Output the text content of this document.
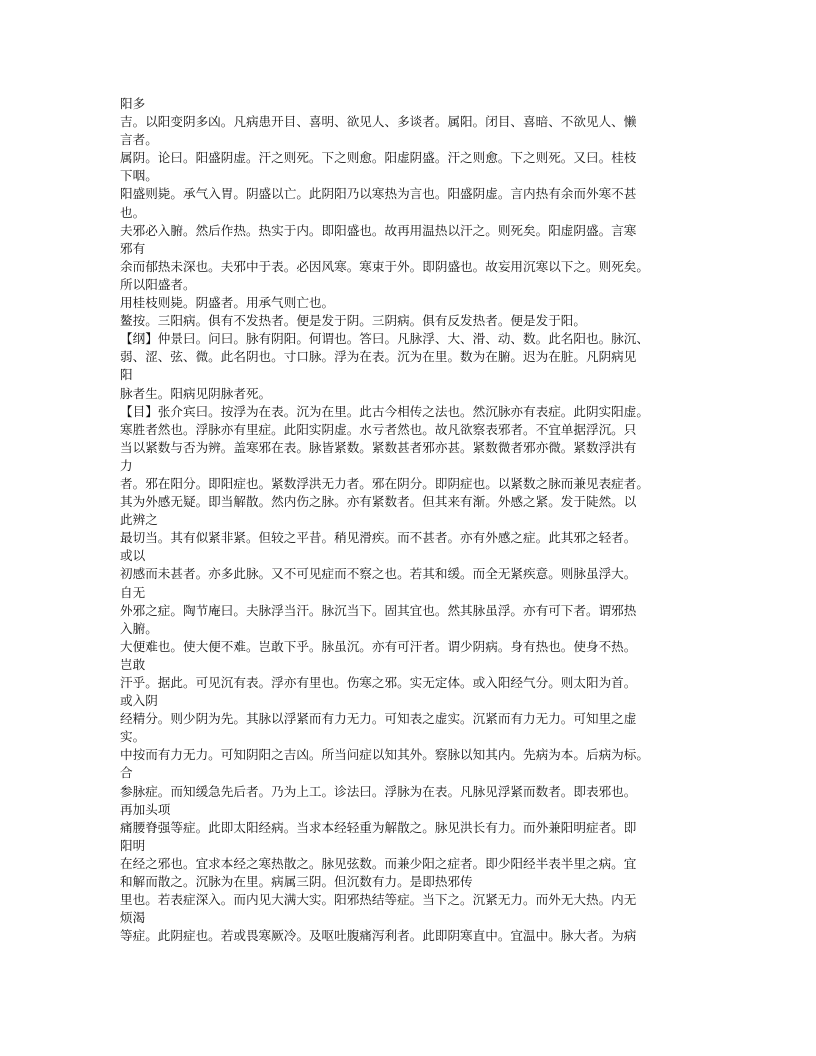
阳多
吉。以阳变阴多凶。凡病患开目、喜明、欲见人、多谈者。属阳。闭目、喜暗、不欲见人、懒
言者。
属阴。论曰。阳盛阴虚。汗之则死。下之则愈。阳虚阴盛。汗之则愈。下之则死。又曰。桂枝
下咽。
阳盛则毙。承气入胃。阴盛以亡。此阴阳乃以寒热为言也。阳盛阴虚。言内热有余而外寒不甚
也。
夫邪必入腑。然后作热。热实于内。即阳盛也。故再用温热以汗之。则死矣。阳虚阴盛。言寒
邪有
余而郁热未深也。夫邪中于表。必因风寒。寒束于外。即阴盛也。故妄用沉寒以下之。则死矣。
所以阳盛者。
用桂枝则毙。阴盛者。用承气则亡也。
鳌按。三阳病。俱有不发热者。便是发于阴。三阴病。俱有反发热者。便是发于阳。
【纲】仲景曰。问曰。脉有阴阳。何谓也。答曰。凡脉浮、大、滑、动、数。此名阳也。脉沉、
弱、涩、弦、微。此名阴也。寸口脉。浮为在表。沉为在里。数为在腑。迟为在脏。凡阴病见
阳
脉者生。阳病见阴脉者死。
【目】张介宾曰。按浮为在表。沉为在里。此古今相传之法也。然沉脉亦有表症。此阴实阳虚。
寒胜者然也。浮脉亦有里症。此阳实阴虚。水亏者然也。故凡欲察表邪者。不宜单据浮沉。只
当以紧数与否为辨。盖寒邪在表。脉皆紧数。紧数甚者邪亦甚。紧数微者邪亦微。紧数浮洪有
力
者。邪在阳分。即阳症也。紧数浮洪无力者。邪在阴分。即阴症也。以紧数之脉而兼见表症者。
其为外感无疑。即当解散。然内伤之脉。亦有紧数者。但其来有渐。外感之紧。发于陡然。以
此辨之
最切当。其有似紧非紧。但较之平昔。稍见滑疾。而不甚者。亦有外感之症。此其邪之轻者。
或以
初感而未甚者。亦多此脉。又不可见症而不察之也。若其和缓。而全无紧疾意。则脉虽浮大。
自无
外邪之症。陶节庵曰。夫脉浮当汗。脉沉当下。固其宜也。然其脉虽浮。亦有可下者。谓邪热
入腑。
大便难也。使大便不难。岂敢下乎。脉虽沉。亦有可汗者。谓少阴病。身有热也。使身不热。
岂敢
汗乎。据此。可见沉有表。浮亦有里也。伤寒之邪。实无定体。或入阳经气分。则太阳为首。
或入阴
经精分。则少阴为先。其脉以浮紧而有力无力。可知表之虚实。沉紧而有力无力。可知里之虚
实。
中按而有力无力。可知阴阳之吉凶。所当问症以知其外。察脉以知其内。先病为本。后病为标。
合
参脉症。而知缓急先后者。乃为上工。诊法曰。浮脉为在表。凡脉见浮紧而数者。即表邪也。
再加头项
痛腰脊强等症。此即太阳经病。当求本经轻重为解散之。脉见洪长有力。而外兼阳明症者。即
阳明
在经之邪也。宜求本经之寒热散之。脉见弦数。而兼少阳之症者。即少阳经半表半里之病。宜
和解而散之。沉脉为在里。病属三阴。但沉数有力。是即热邪传
里也。若表症深入。而内见大满大实。阳邪热结等症。当下之。沉紧无力。而外无大热。内无
烦渴
等症。此阴症也。若或畏寒厥冷。及呕吐腹痛泻利者。此即阴寒直中。宜温中。脉大者。为病
